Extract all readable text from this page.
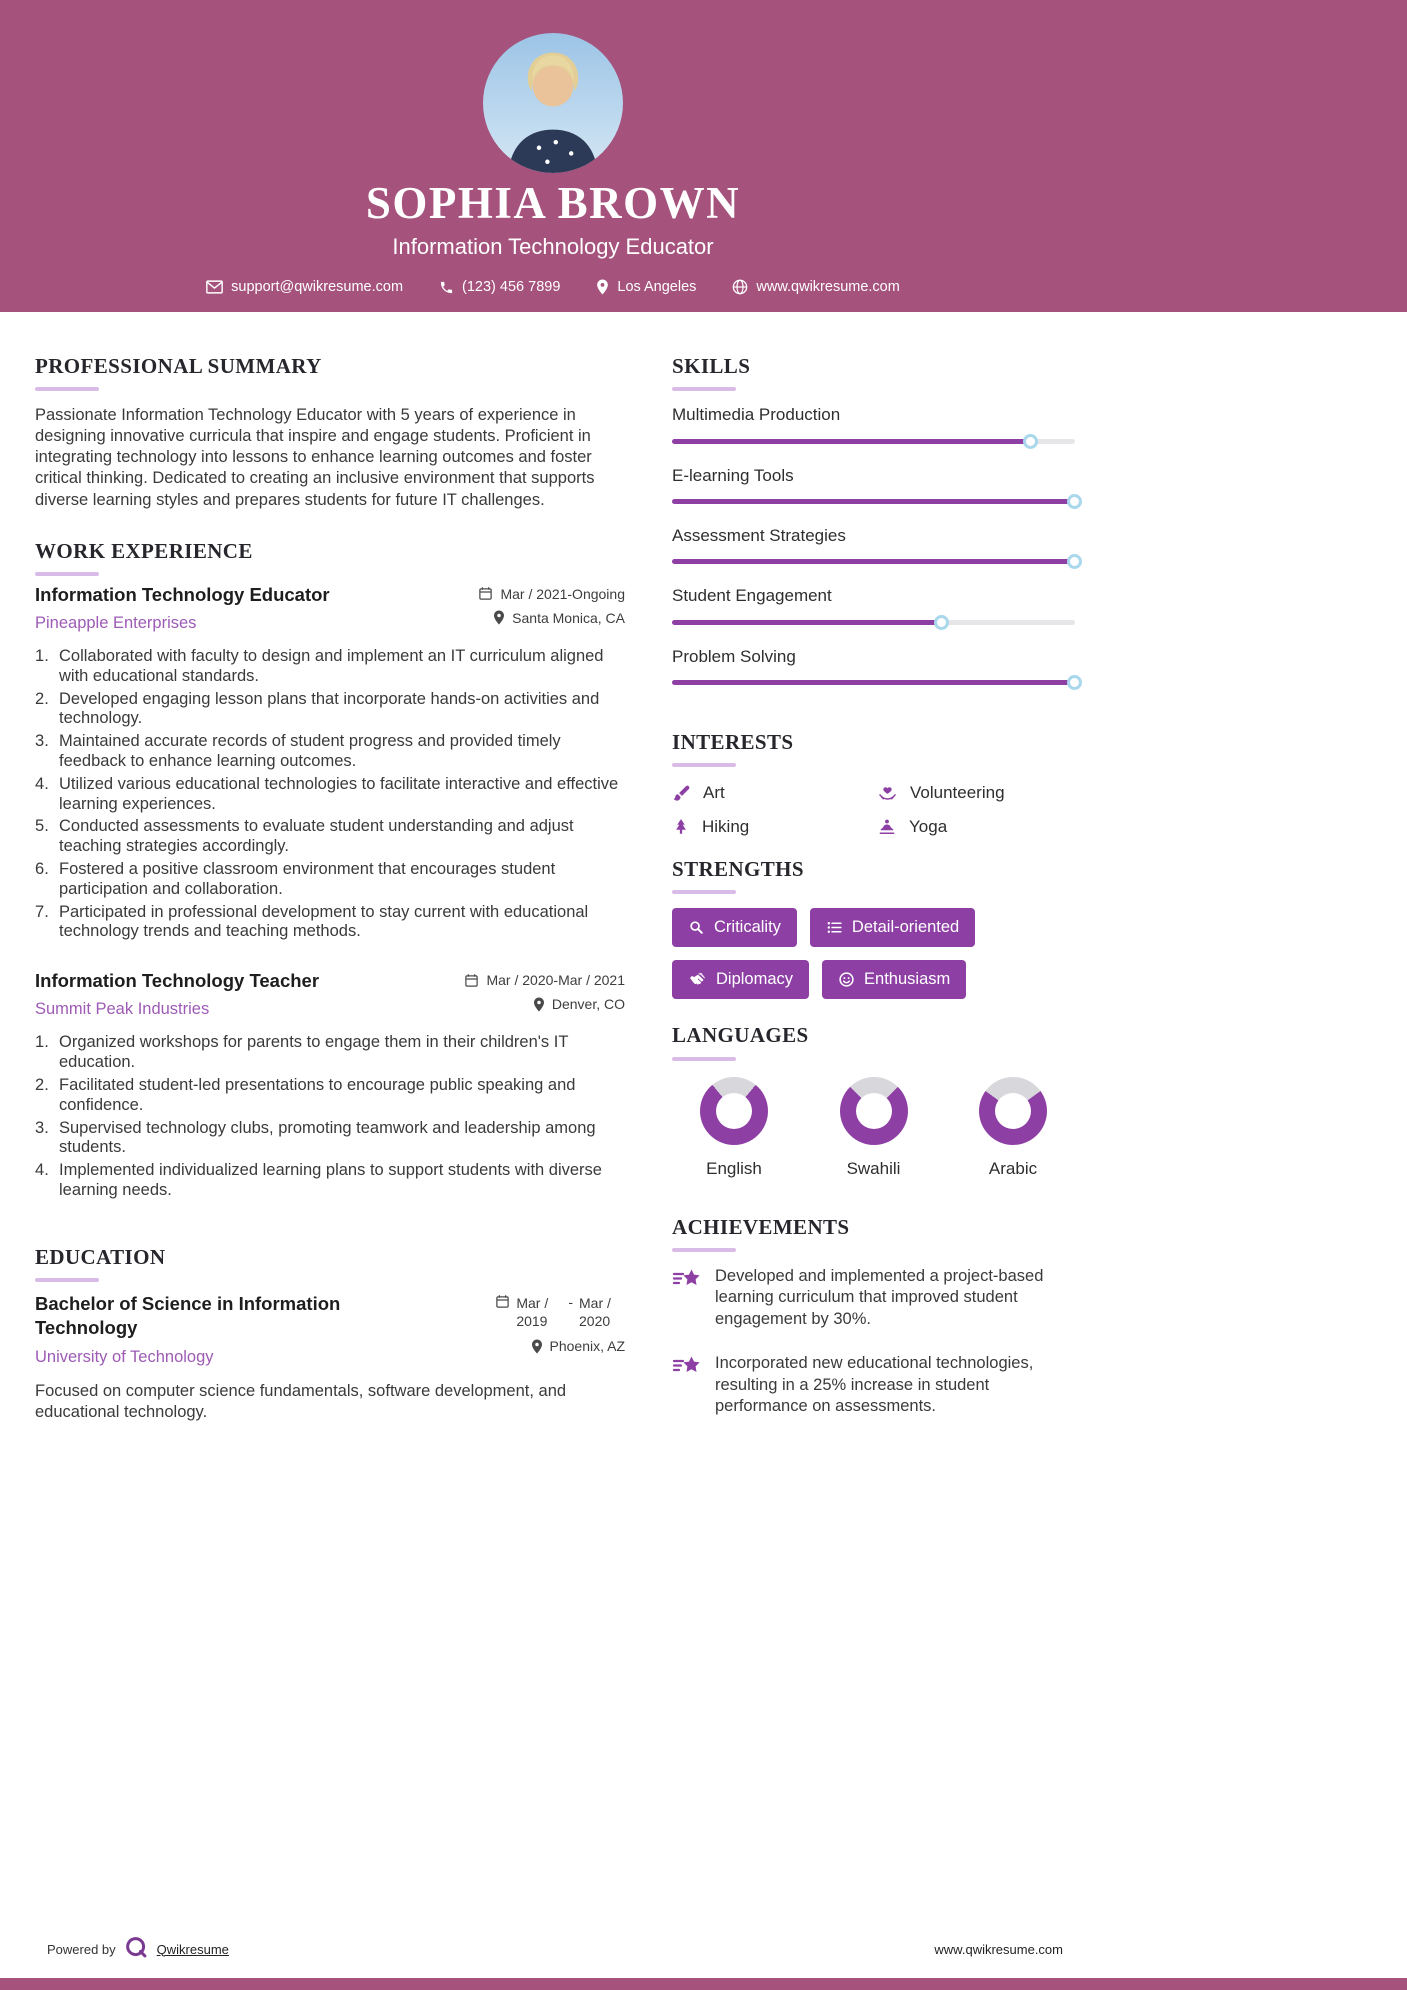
SOPHIA BROWN
Information Technology Educator
support@qwikresume.com	(123) 456 7899	Los Angeles	www.qwikresume.com
PROFESSIONAL SUMMARY

Passionate Information Technology Educator with 5 years of experience in designing innovative curricula that inspire and engage students. Proficient in integrating technology into lessons to enhance learning outcomes and foster critical thinking. Dedicated to creating an inclusive environment that supports diverse learning styles and prepares students for future IT challenges.

WORK EXPERIENCE
Information Technology Educator
Pineapple Enterprises
Mar / 2021-Ongoing
Santa Monica, CA
Collaborated with faculty to design and implement an IT curriculum aligned with educational standards.
Developed engaging lesson plans that incorporate hands-on activities and technology.
Maintained accurate records of student progress and provided timely feedback to enhance learning outcomes.
Utilized various educational technologies to facilitate interactive and effective learning experiences.
Conducted assessments to evaluate student understanding and adjust teaching strategies accordingly.
Fostered a positive classroom environment that encourages student participation and collaboration.
Participated in professional development to stay current with educational technology trends and teaching methods.
Information Technology Teacher
Summit Peak Industries
Mar / 2020-Mar / 2021
Denver, CO
Organized workshops for parents to engage them in their children's IT education.
Facilitated student-led presentations to encourage public speaking and confidence.
Supervised technology clubs, promoting teamwork and leadership among students.
Implemented individualized learning plans to support students with diverse learning needs.
EDUCATION
Bachelor of Science in Information Technology
University of Technology
Mar / 2019
- Mar / 2020
Phoenix, AZ

Focused on computer science fundamentals, software development, and educational technology.

SKILLS
Multimedia Production
E-learning Tools
Assessment Strategies
Student Engagement
Problem Solving
INTERESTS
Art	Volunteering
Hiking	Yoga
STRENGTHS
Criticality	Detail-oriented
Diplomacy	Enthusiasm
LANGUAGES
English	Swahili	Arabic
ACHIEVEMENTS
Developed and implemented a project-based learning curriculum that improved student engagement by 30%.
Incorporated new educational technologies, resulting in a 25% increase in student performance on assessments.
Powered by	Qwikresume	www.qwikresume.com
